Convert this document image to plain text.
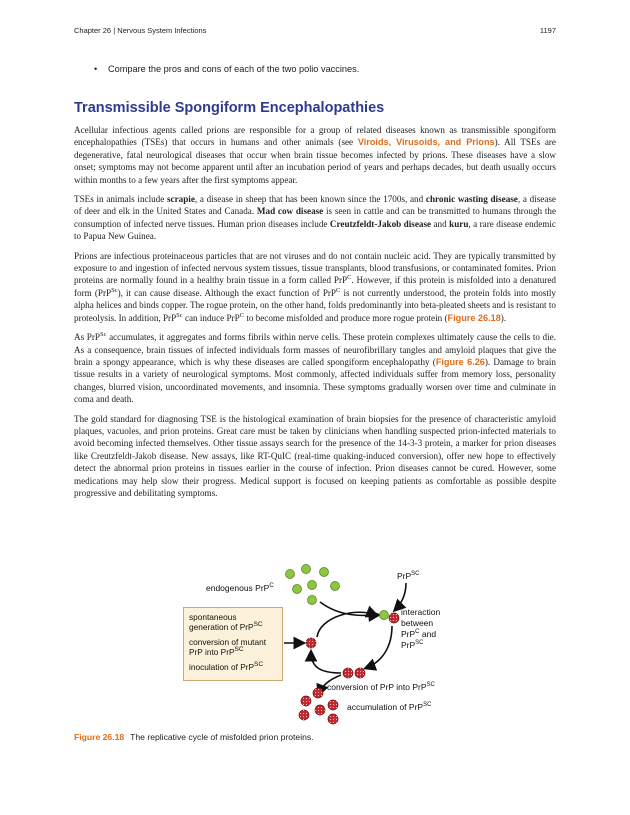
Chapter 26 | Nervous System Infections	1197
• Compare the pros and cons of each of the two polio vaccines.
Transmissible Spongiform Encephalopathies

Acellular infectious agents called prions are responsible for a group of related diseases known as transmissible spongiform encephalopathies (TSEs) that occurs in humans and other animals (see Viroids, Virusoids, and Prions). All TSEs are degenerative, fatal neurological diseases that occur when brain tissue becomes infected by prions. These diseases have a slow onset; symptoms may not become apparent until after an incubation period of years and perhaps decades, but death usually occurs within months to a few years after the first symptoms appear.

TSEs in animals include scrapie, a disease in sheep that has been known since the 1700s, and chronic wasting disease, a disease of deer and elk in the United States and Canada. Mad cow disease is seen in cattle and can be transmitted to humans through the consumption of infected nerve tissues. Human prion diseases include Creutzfeldt-Jakob disease and kuru, a rare disease endemic to Papua New Guinea.

Prions are infectious proteinaceous particles that are not viruses and do not contain nucleic acid. They are typically transmitted by exposure to and ingestion of infected nervous system tissues, tissue transplants, blood transfusions, or contaminated fomites. Prion proteins are normally found in a healthy brain tissue in a form called PrP$^C$. However, if this protein is misfolded into a denatured form (PrP$^{Sc}$), it can cause disease. Although the exact function of PrP$^C$ is not currently understood, the protein folds into mostly alpha helices and binds copper. The rogue protein, on the other hand, folds predominantly into beta-pleated sheets and is resistant to proteolysis. In addition, PrP$^{Sc}$ can induce PrP$^C$ to become misfolded and produce more rogue protein (Figure 26.18).

As PrP$^{Sc}$ accumulates, it aggregates and forms fibrils within nerve cells. These protein complexes ultimately cause the cells to die. As a consequence, brain tissues of infected individuals form masses of neurofibrillary tangles and amyloid plaques that give the brain a spongy appearance, which is why these diseases are called spongiform encephalopathy (Figure 6.26). Damage to brain tissue results in a variety of neurological symptoms. Most commonly, affected individuals suffer from memory loss, personality changes, blurred vision, uncoordinated movements, and insomnia. These symptoms gradually worsen over time and culminate in coma and death.

The gold standard for diagnosing TSE is the histological examination of brain biopsies for the presence of characteristic amyloid plaques, vacuoles, and prion proteins. Great care must be taken by clinicians when handling suspected prion-infected materials to avoid becoming infected themselves. Other tissue assays search for the presence of the 14-3-3 protein, a marker for prion diseases like Creutzfeldt-Jakob disease. New assays, like RT-QuIC (real-time quaking-induced conversion), offer new hope to effectively detect the abnormal prion proteins in tissues earlier in the course of infection. Prion diseases cannot be cured. However, some medications may help slow their progress. Medical support is focused on keeping patients as comfortable as possible despite progressive and debilitating symptoms.

endogenous PrP$^C$
PrP$^{SC}$
interaction between PrP$^C$ and PrP$^{SC}$
conversion of PrP into PrP$^{SC}$
accumulation of PrP$^{SC}$
spontaneous generation of PrP$^{SC}$
conversion of mutant PrP into PrP$^{SC}$
inoculation of PrP$^{SC}$
Figure 26.18 The replicative cycle of misfolded prion proteins.
